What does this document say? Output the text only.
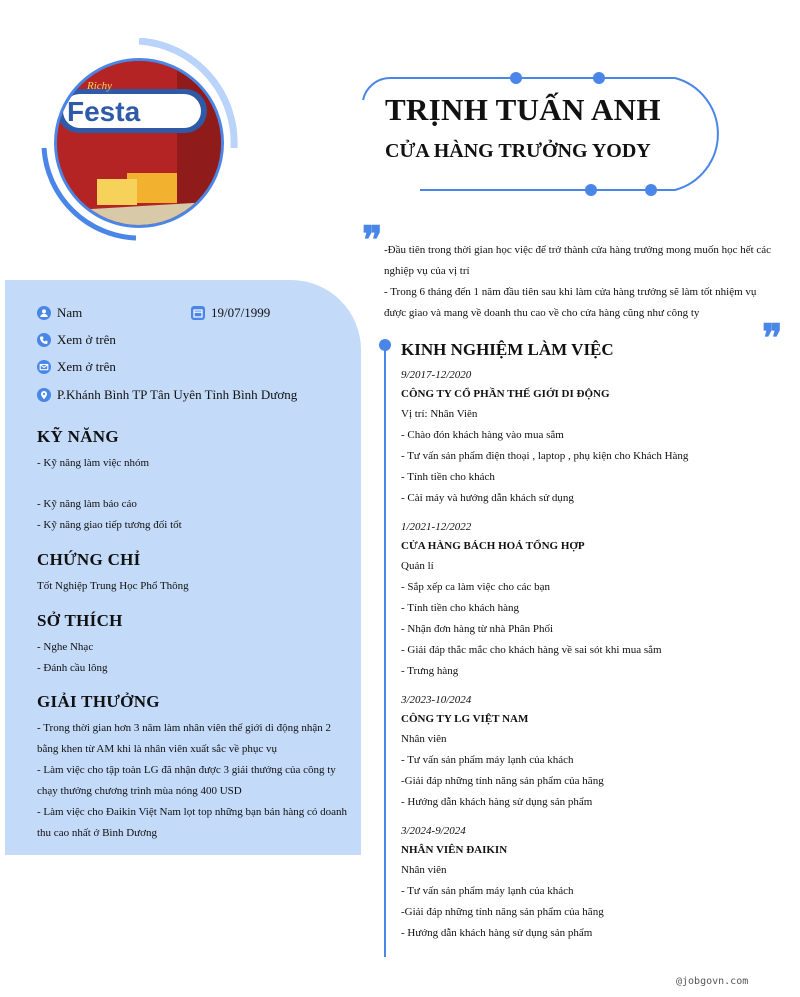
Richy
Festa
COOKIES & TOAST
TRỊNH TUẤN ANH
CỬA HÀNG TRƯỞNG YODY
❞ -Đầu tiên trong thời gian học việc để trở thành cửa hàng trưởng mong muốn học hết các nghiệp vụ của vị trí

- Trong 6 tháng đến 1 năm đầu tiên sau khi làm cửa hàng trưởng sẽ làm tốt nhiệm vụ được giao và mang về doanh thu cao về cho cửa hàng cũng như công ty

❞
Nam	19/07/1999
Xem ở trên
Xem ở trên
P.Khánh Bình TP Tân Uyên Tỉnh Bình Dương
KỸ NĂNG

- Kỹ năng làm việc nhóm

- Kỹ năng làm báo cáo

- Kỹ năng giao tiếp tương đối tốt

CHỨNG CHỈ

Tốt Nghiệp Trung Học Phổ Thông

SỞ THÍCH

- Nghe Nhạc

- Đánh cầu lông

GIẢI THƯỞNG

- Trong thời gian hơn 3 năm làm nhân viên thế giới di động nhận 2 bằng khen từ AM khi là nhân viên xuất sắc về phục vụ

- Làm việc cho tập toàn LG đã nhận được 3 giải thưởng của công ty chạy thưởng chương trình mùa nóng 400 USD

- Làm việc cho Đaikin Việt Nam lọt top những bạn bán hàng có doanh thu cao nhất ở Bình Dương

KINH NGHIỆM LÀM VIỆC
9/2017-12/2020
CÔNG TY CỔ PHẦN THẾ GIỚI DI ĐỘNG
Vị trí: Nhân Viên
- Chào đón khách hàng vào mua sắm
- Tư vấn sản phẩm điện thoại , laptop , phụ kiện cho Khách Hàng
- Tính tiền cho khách
- Cài máy và hướng dẫn khách sử dụng
1/2021-12/2022
CỬA HÀNG BÁCH HOÁ TỔNG HỢP
Quản lí
- Sắp xếp ca làm việc cho các bạn
- Tính tiền cho khách hàng
- Nhận đơn hàng từ nhà Phân Phối
- Giải đáp thắc mắc cho khách hàng về sai sót khi mua sắm
- Trưng hàng
3/2023-10/2024
CÔNG TY LG VIỆT NAM
Nhân viên
- Tư vấn sản phẩm máy lạnh của khách
-Giải đáp những tính năng sản phẩm của hãng
- Hướng dẫn khách hàng sử dụng sản phẩm
3/2024-9/2024
NHÂN VIÊN ĐAIKIN
Nhân viên
- Tư vấn sản phẩm máy lạnh của khách
-Giải đáp những tính năng sản phẩm của hãng
- Hướng dẫn khách hàng sử dụng sản phẩm
@jobgovn.com
